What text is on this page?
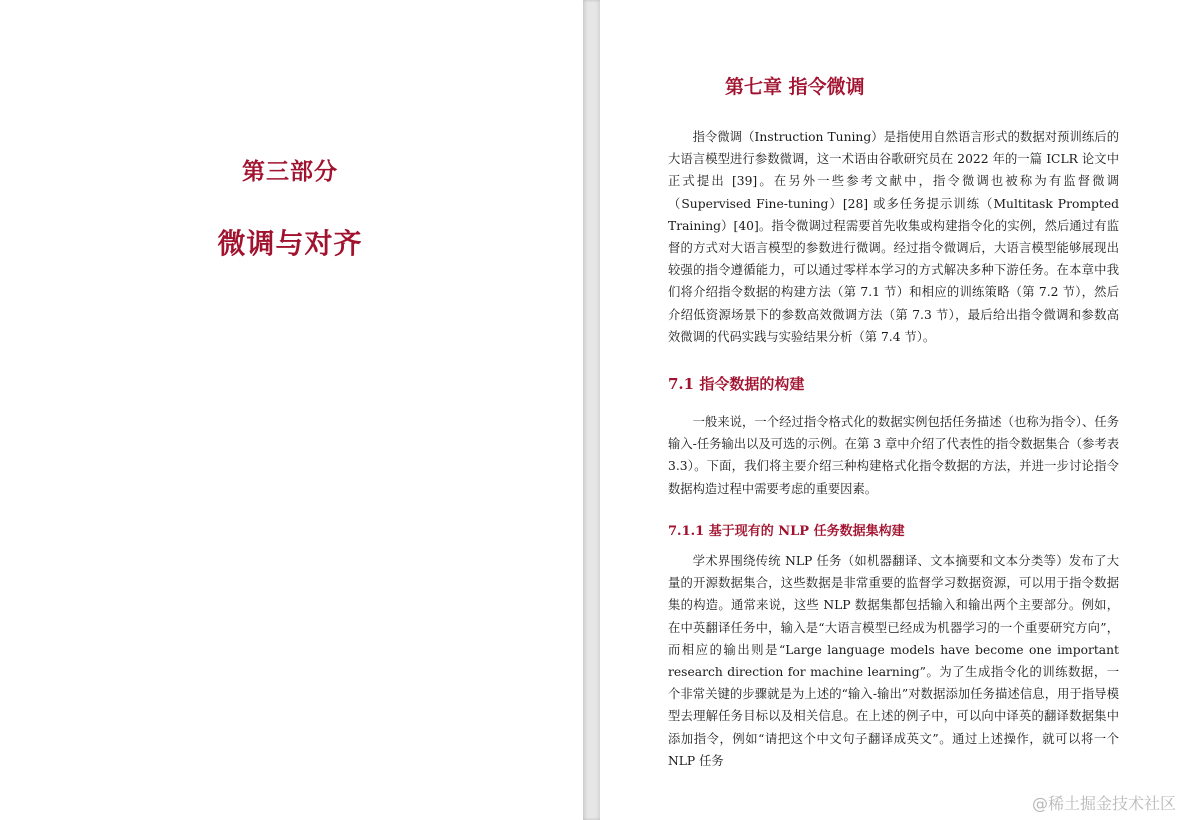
第三部分
微调与对齐
第七章 指令微调

指令微调（Instruction Tuning）是指使用自然语言形式的数据对预训练后的大语言模型进行参数微调，这一术语由谷歌研究员在 2022 年的一篇 ICLR 论文中正式提出 [39]。在另外一些参考文献中，指令微调也被称为有监督微调（Supervised Fine-tuning）[28] 或多任务提示训练（Multitask Prompted Training）[40]。指令微调过程需要首先收集或构建指令化的实例，然后通过有监督的方式对大语言模型的参数进行微调。经过指令微调后，大语言模型能够展现出较强的指令遵循能力，可以通过零样本学习的方式解决多种下游任务。在本章中我们将介绍指令数据的构建方法（第 7.1 节）和相应的训练策略（第 7.2 节），然后介绍低资源场景下的参数高效微调方法（第 7.3 节），最后给出指令微调和参数高效微调的代码实践与实验结果分析（第 7.4 节）。

7.1 指令数据的构建

一般来说，一个经过指令格式化的数据实例包括任务描述（也称为指令）、任务输入-任务输出以及可选的示例。在第 3 章中介绍了代表性的指令数据集合（参考表 3.3）。下面，我们将主要介绍三种构建格式化指令数据的方法，并进一步讨论指令数据构造过程中需要考虑的重要因素。

7.1.1 基于现有的 NLP 任务数据集构建

学术界围绕传统 NLP 任务（如机器翻译、文本摘要和文本分类等）发布了大量的开源数据集合，这些数据是非常重要的监督学习数据资源，可以用于指令数据集的构造。通常来说，这些 NLP 数据集都包括输入和输出两个主要部分。例如，在中英翻译任务中，输入是“大语言模型已经成为机器学习的一个重要研究方向”，而相应的输出则是“Large language models have become one important research direction for machine learning”。为了生成指令化的训练数据，一个非常关键的步骤就是为上述的“输入-输出”对数据添加任务描述信息，用于指导模型去理解任务目标以及相关信息。在上述的例子中，可以向中译英的翻译数据集中添加指令，例如“请把这个中文句子翻译成英文”。通过上述操作，就可以将一个 NLP 任务

@稀土掘金技术社区
